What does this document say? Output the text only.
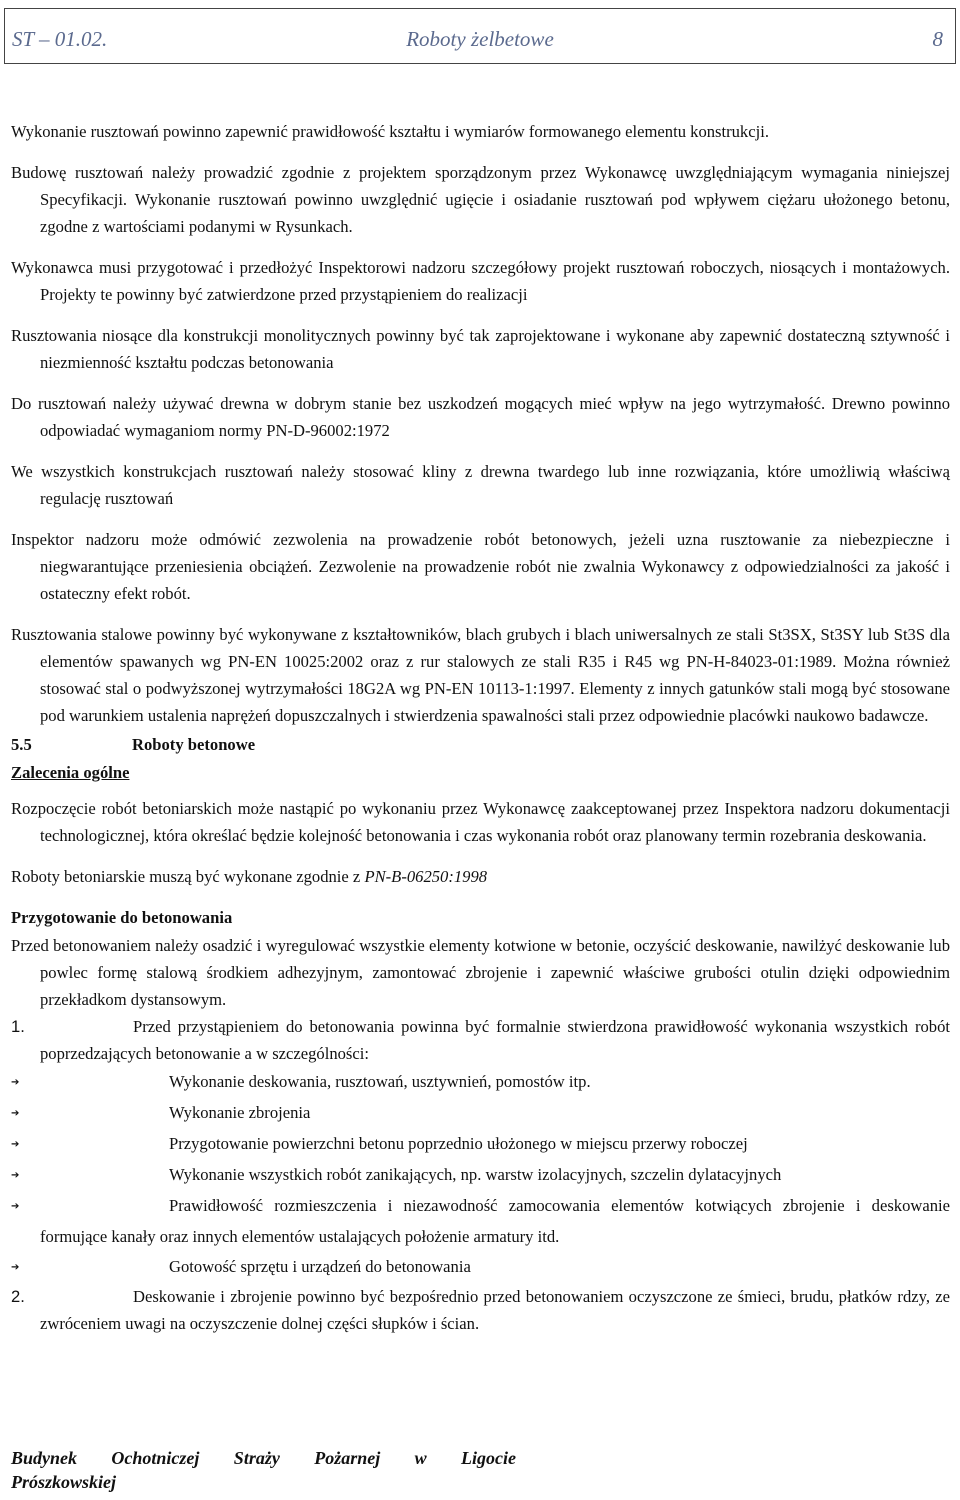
ST – 01.02.	Roboty żelbetowe	8

Wykonanie rusztowań powinno zapewnić prawidłowość kształtu i wymiarów formowanego elementu konstrukcji.

Budowę rusztowań należy prowadzić zgodnie z projektem sporządzonym przez Wykonawcę uwzględniającym wymagania niniejszej Specyfikacji. Wykonanie rusztowań powinno uwzględnić ugięcie i osiadanie rusztowań pod wpływem ciężaru ułożonego betonu, zgodne z wartościami podanymi w Rysunkach.

Wykonawca musi przygotować i przedłożyć Inspektorowi nadzoru szczegółowy projekt rusztowań roboczych, niosących i montażowych. Projekty te powinny być zatwierdzone przed przystąpieniem do realizacji

Rusztowania niosące dla konstrukcji monolitycznych powinny być tak zaprojektowane i wykonane aby zapewnić dostateczną sztywność i niezmienność kształtu podczas betonowania

Do rusztowań należy używać drewna w dobrym stanie bez uszkodzeń mogących mieć wpływ na jego wytrzymałość. Drewno powinno odpowiadać wymaganiom normy PN-D-96002:1972

We wszystkich konstrukcjach rusztowań należy stosować kliny z drewna twardego lub inne rozwiązania, które umożliwią właściwą regulację rusztowań

Inspektor nadzoru może odmówić zezwolenia na prowadzenie robót betonowych, jeżeli uzna rusztowanie za niebezpieczne i niegwarantujące przeniesienia obciążeń. Zezwolenie na prowadzenie robót nie zwalnia Wykonawcy z odpowiedzialności za jakość i ostateczny efekt robót.

Rusztowania stalowe powinny być wykonywane z kształtowników, blach grubych i blach uniwersalnych ze stali St3SX, St3SY lub St3S dla elementów spawanych wg PN-EN 10025:2002 oraz z rur stalowych ze stali R35 i R45 wg PN-H-84023-01:1989. Można również stosować stal o podwyższonej wytrzymałości 18G2A wg PN-EN 10113-1:1997. Elementy z innych gatunków stali mogą być stosowane pod warunkiem ustalenia naprężeń dopuszczalnych i stwierdzenia spawalności stali przez odpowiednie placówki naukowo badawcze.

5.5	Roboty betonowe
Zalecenia ogólne

Rozpoczęcie robót betoniarskich może nastąpić po wykonaniu przez Wykonawcę zaakceptowanej przez Inspektora nadzoru dokumentacji technologicznej, która określać będzie kolejność betonowania i czas wykonania robót oraz planowany termin rozebrania deskowania.

Roboty betoniarskie muszą być wykonane zgodnie z PN-B-06250:1998

Przygotowanie do betonowania

Przed betonowaniem należy osadzić i wyregulować wszystkie elementy kotwione w betonie, oczyścić deskowanie, nawilżyć deskowanie lub powlec formę stalową środkiem adhezyjnym, zamontować zbrojenie i zapewnić właściwe grubości otulin dzięki odpowiednim przekładkom dystansowym.

1.	Przed przystąpieniem do betonowania powinna być formalnie stwierdzona prawidłowość wykonania wszystkich robót poprzedzających betonowanie a w szczególności:
➔	Wykonanie deskowania, rusztowań, usztywnień, pomostów itp.
➔	Wykonanie zbrojenia
➔	Przygotowanie powierzchni betonu poprzednio ułożonego w miejscu przerwy roboczej
➔	Wykonanie wszystkich robót zanikających, np. warstw izolacyjnych, szczelin dylatacyjnych
➔	Prawidłowość rozmieszczenia i niezawodność zamocowania elementów kotwiących zbrojenie i deskowanie formujące kanały oraz innych elementów ustalających położenie armatury itd.
➔	Gotowość sprzętu i urządzeń do betonowania
2.	Deskowanie i zbrojenie powinno być bezpośrednio przed betonowaniem oczyszczone ze śmieci, brudu, płatków rdzy, ze zwróceniem uwagi na oczyszczenie dolnej części słupków i ścian.
Budynek Ochotniczej Straży Pożarnej w Ligocie
Prószkowskiej
